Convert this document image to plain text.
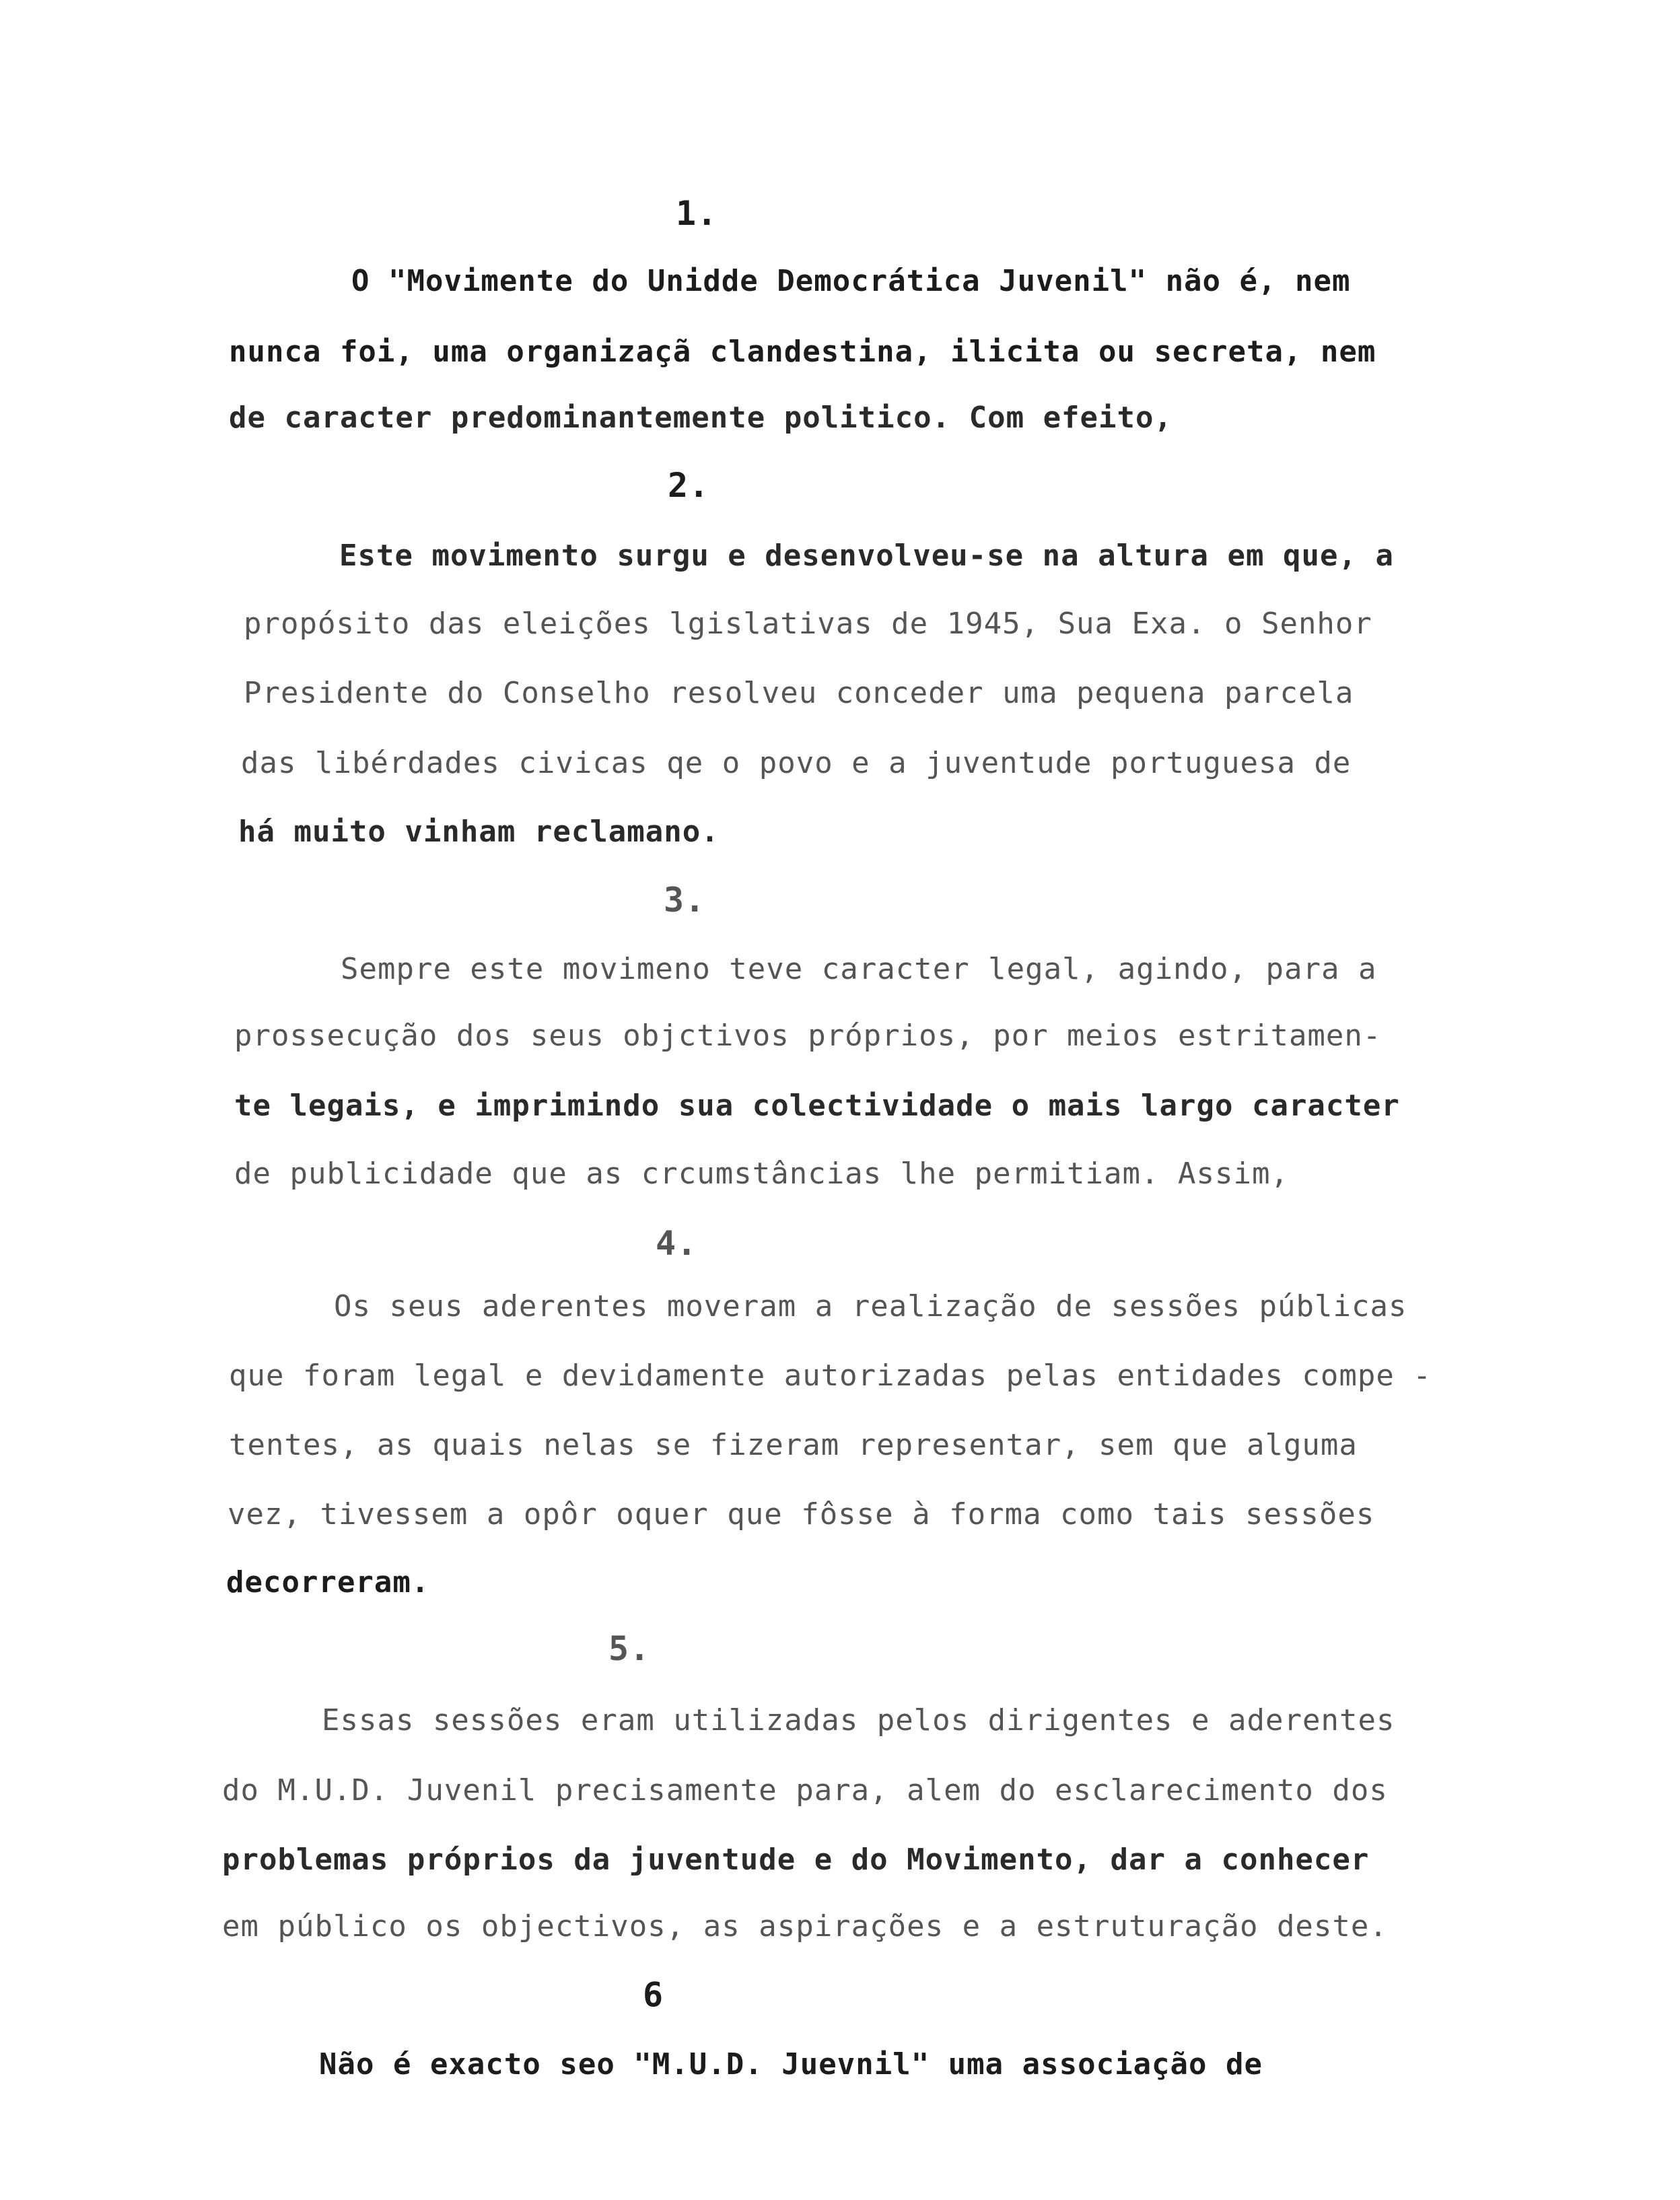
1.
O "Movimente do Unidde Democrática Juvenil" não é, nem
nunca foi, uma organizaçã clandestina, ilicita ou secreta, nem
de caracter predominantemente politico. Com efeito,
2.
Este movimento surgu e desenvolveu-se na altura em que, a
propósito das eleições lgislativas de 1945, Sua Exa. o Senhor
Presidente do Conselho resolveu conceder uma pequena parcela
das libérdades civicas qe o povo e a juventude portuguesa de
há muito vinham reclamano.
3.
Sempre este movimeno teve caracter legal, agindo, para a
prossecução dos seus objctivos próprios, por meios estritamen-
te legais, e imprimindo sua colectividade o mais largo caracter
de publicidade que as crcumstâncias lhe permitiam. Assim,
4.
Os seus aderentes moveram a realização de sessões públicas
que foram legal e devidamente autorizadas pelas entidades compe -
tentes, as quais nelas se fizeram representar, sem que alguma
vez, tivessem a opôr oquer que fôsse à forma como tais sessões
decorreram.
5.
Essas sessões eram utilizadas pelos dirigentes e aderentes
do M.U.D. Juvenil precisamente para, alem do esclarecimento dos
problemas próprios da juventude e do Movimento, dar a conhecer
em público os objectivos, as aspirações e a estruturação deste.
6
Não é exacto seo "M.U.D. Juevnil" uma associação de
